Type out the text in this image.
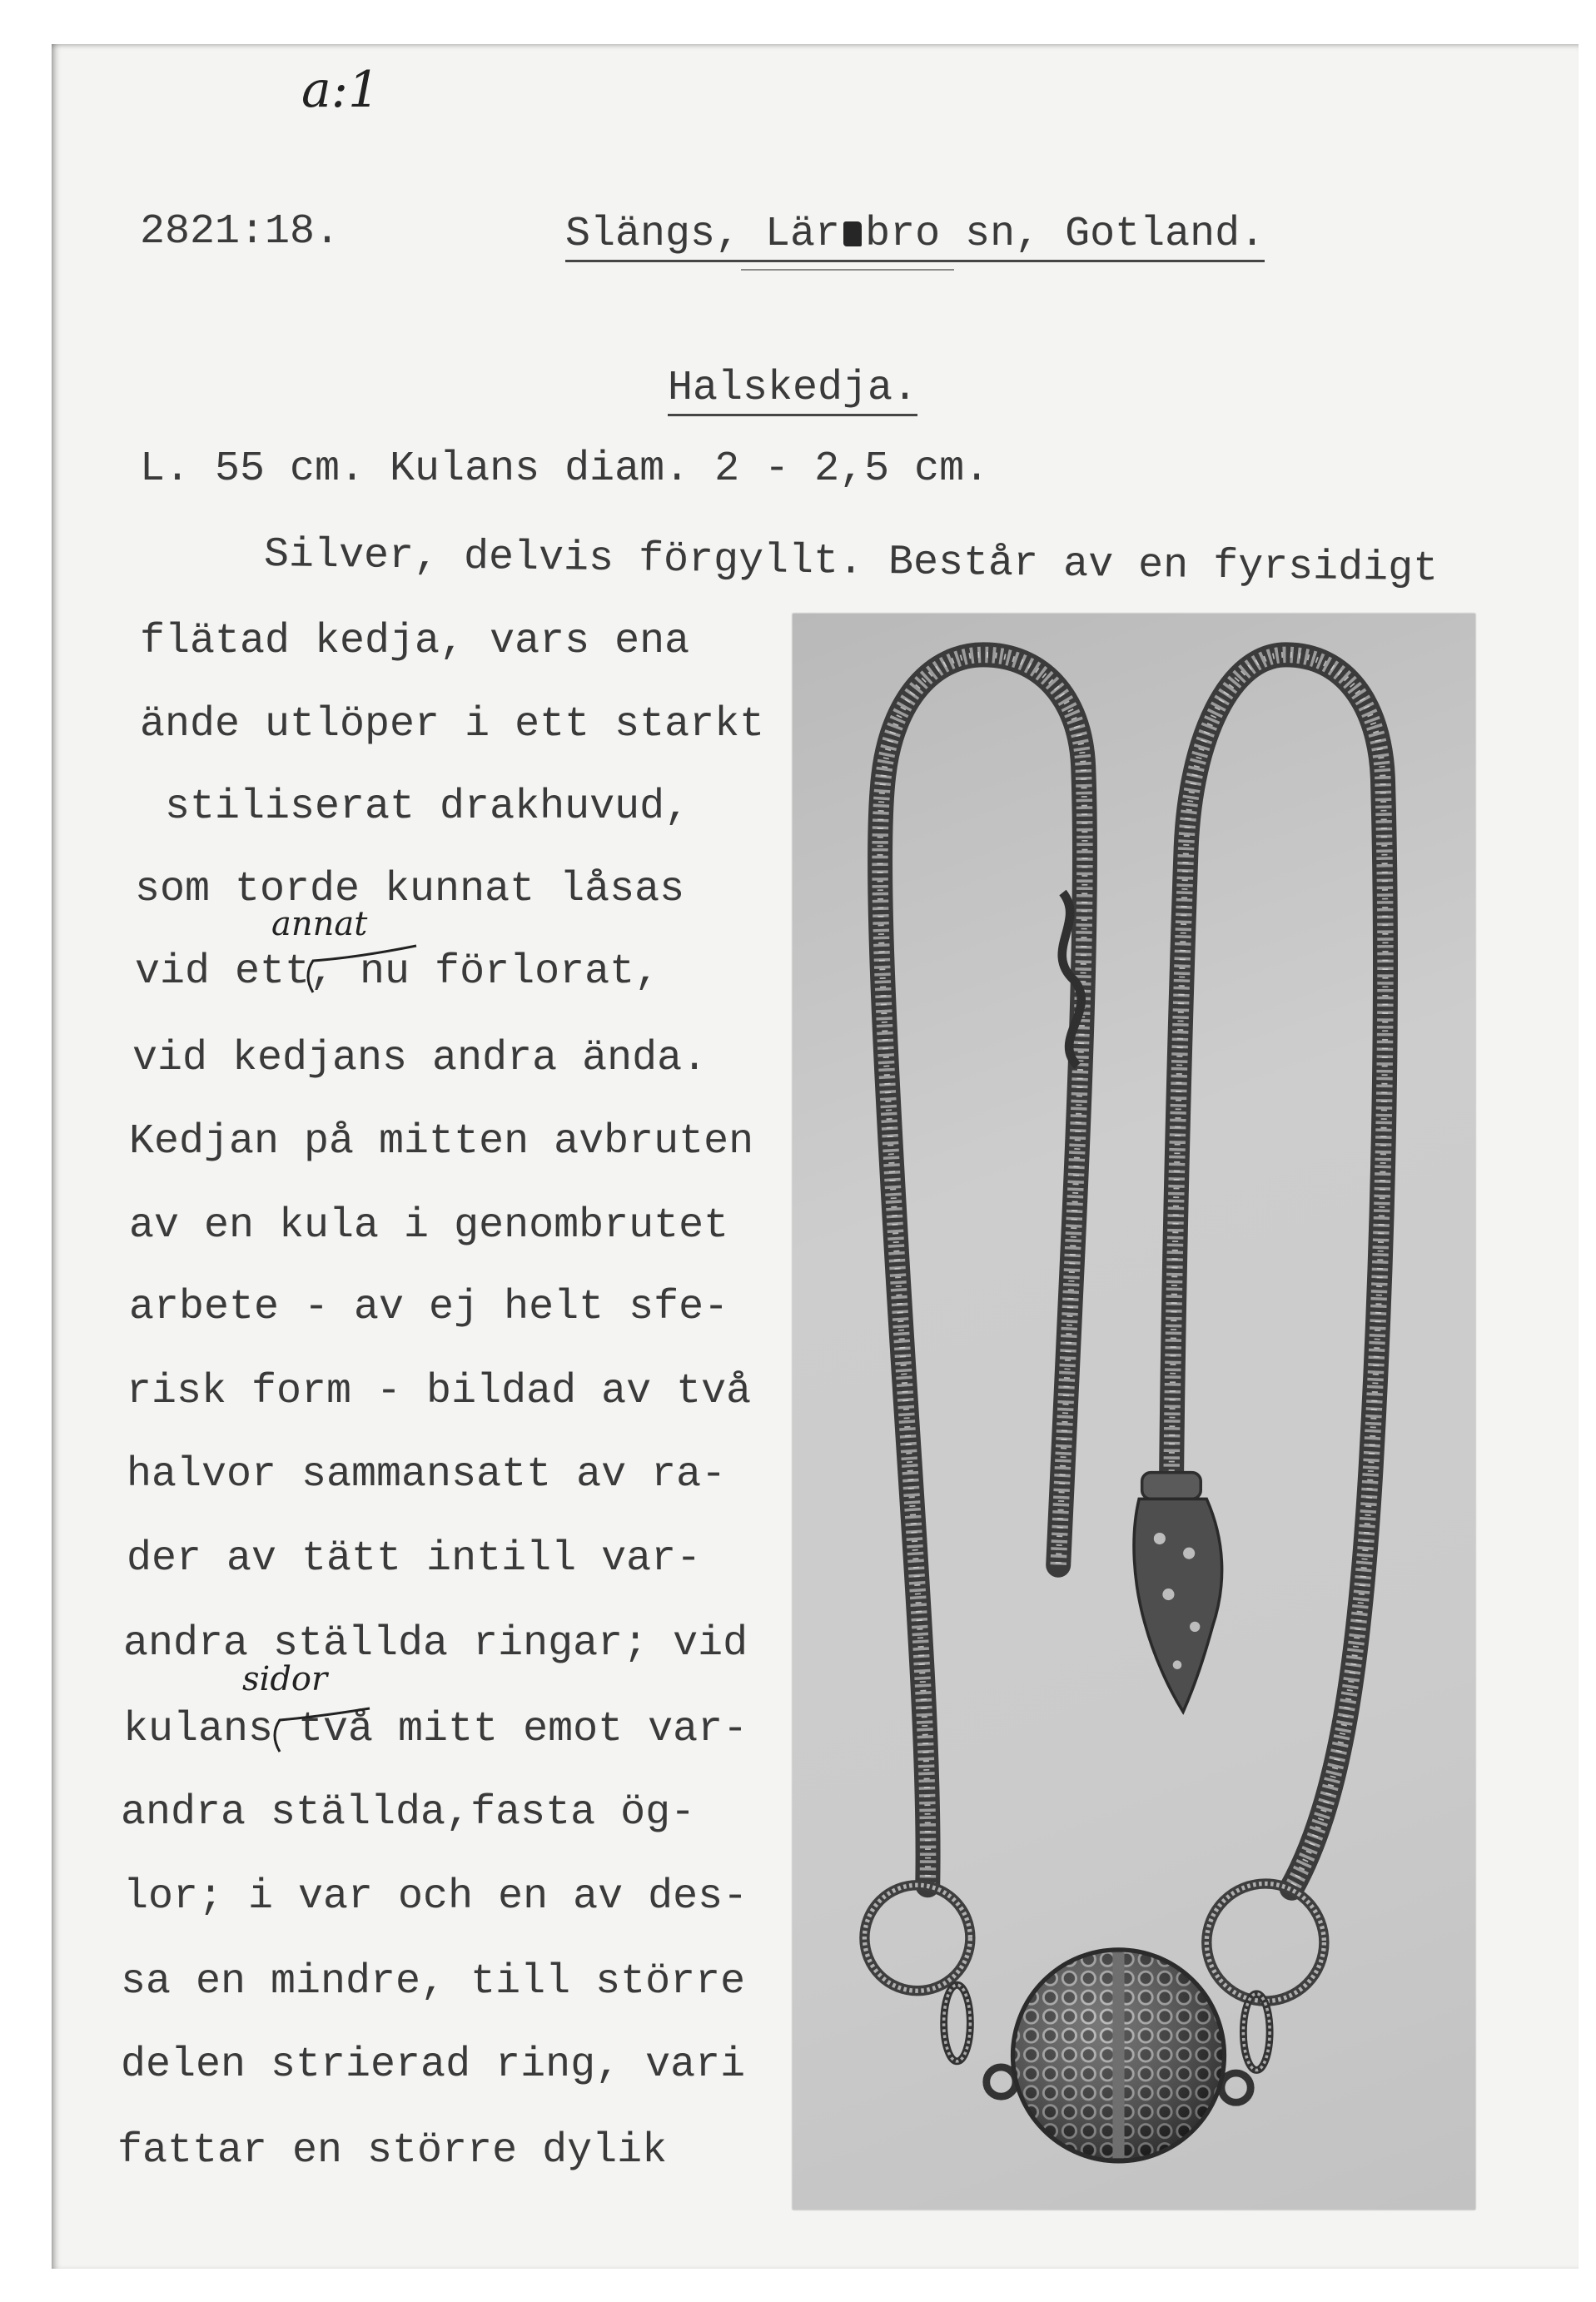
a:1
2821:18.	Slängs, Lär bro sn, Gotland.
Halskedja.
L. 55 cm. Kulans diam. 2 - 2,5 cm.
Silver, delvis förgyllt. Består av en fyrsidigt
flätad kedja, vars ena
ände utlöper i ett starkt
stiliserat drakhuvud,
som torde kunnat låsas
vid ett, nu förlorat,
vid kedjans andra ända.
Kedjan på mitten avbruten
av en kula i genombrutet
arbete - av ej helt sfe-
risk form - bildad av två
halvor sammansatt av ra-
der av tätt intill var-
andra ställda ringar; vid
kulans två mitt emot var-
andra ställda,fasta ög-
lor; i var och en av des-
sa en mindre, till större
delen strierad ring, vari
fattar en större dylik
annat
sidor
